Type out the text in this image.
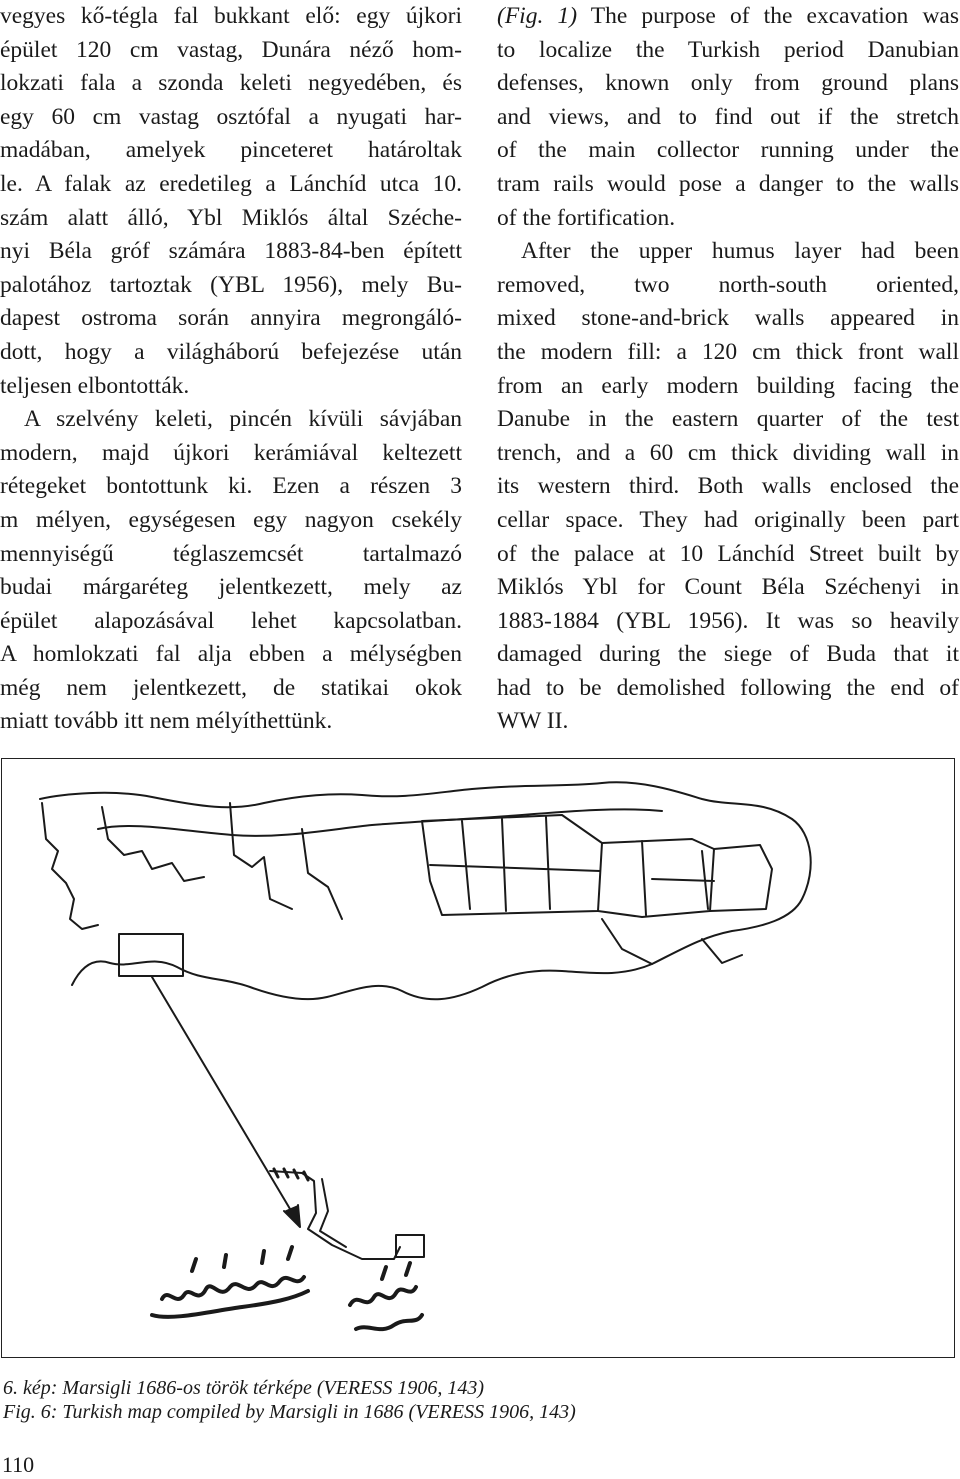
vegyes kő-tégla fal bukkant elő: egy újkori
épület 120 cm vastag, Dunára néző hom-
lokzati fala a szonda keleti negyedében, és
egy 60 cm vastag osztófal a nyugati har-
madában, amelyek pinceteret határoltak
le. A falak az eredetileg a Lánchíd utca 10.
szám alatt álló, Ybl Miklós által Széche-
nyi Béla gróf számára 1883-84-ben épített
palotához tartoztak (YBL 1956), mely Bu-
dapest ostroma során annyira megrongáló-
dott, hogy a világháború befejezése után
teljesen elbontották.
A szelvény keleti, pincén kívüli sávjában
modern, majd újkori kerámiával keltezett
rétegeket bontottunk ki. Ezen a részen 3
m mélyen, egységesen egy nagyon csekély
mennyiségű téglaszemcsét tartalmazó
budai márgaréteg jelentkezett, mely az
épület alapozásával lehet kapcsolatban.
A homlokzati fal alja ebben a mélységben
még nem jelentkezett, de statikai okok
miatt tovább itt nem mélyíthettünk.
(Fig. 1) The purpose of the excavation was
to localize the Turkish period Danubian
defenses, known only from ground plans
and views, and to find out if the stretch
of the main collector running under the
tram rails would pose a danger to the walls
of the fortification.
After the upper humus layer had been
removed, two north-south oriented,
mixed stone-and-brick walls appeared in
the modern fill: a 120 cm thick front wall
from an early modern building facing the
Danube in the eastern quarter of the test
trench, and a 60 cm thick dividing wall in
its western third. Both walls enclosed the
cellar space. They had originally been part
of the palace at 10 Lánchíd Street built by
Miklós Ybl for Count Béla Széchenyi in
1883-1884 (YBL 1956). It was so heavily
damaged during the siege of Buda that it
had to be demolished following the end of
WW II.
6. kép: Marsigli 1686-os török térképe (VERESS 1906, 143)
Fig. 6: Turkish map compiled by Marsigli in 1686 (VERESS 1906, 143)
110
